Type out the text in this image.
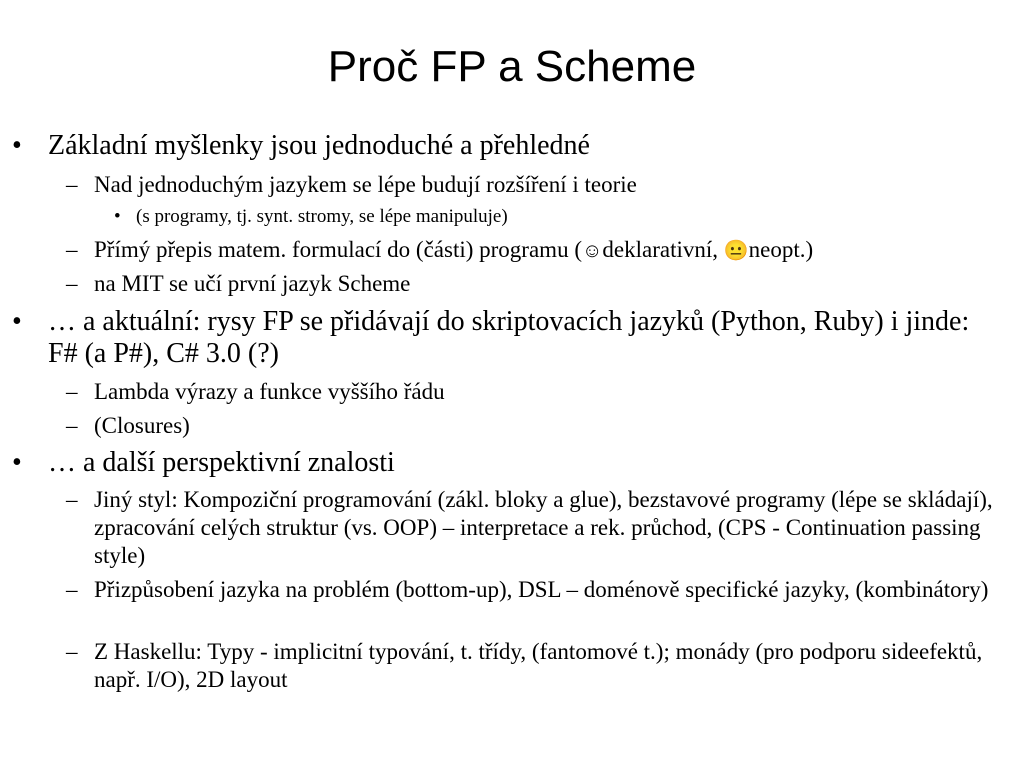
Proč FP a Scheme
• Základní myšlenky jsou jednoduché a přehledné
– Nad jednoduchým jazykem se lépe budují rozšíření i teorie
• (s programy, tj. synt. stromy, se lépe manipuluje)
– Přímý přepis matem. formulací do (části) programu (☺deklarativní, 😐neopt.)
– na MIT se učí první jazyk Scheme
• … a aktuální: rysy FP se přidávají do skriptovacích jazyků (Python, Ruby) i jinde: F# (a P#), C# 3.0 (?)
– Lambda výrazy a funkce vyššího řádu
– (Closures)
• … a další perspektivní znalosti
– Jiný styl: Kompoziční programování (zákl. bloky a glue), bezstavové programy (lépe se skládají), zpracování celých struktur (vs. OOP) – interpretace a rek. průchod, (CPS - Continuation passing style)
– Přizpůsobení jazyka na problém (bottom-up), DSL – doménově specifické jazyky, (kombinátory)
– Z Haskellu: Typy - implicitní typování, t. třídy, (fantomové t.); monády (pro podporu sideefektů, např. I/O), 2D layout
